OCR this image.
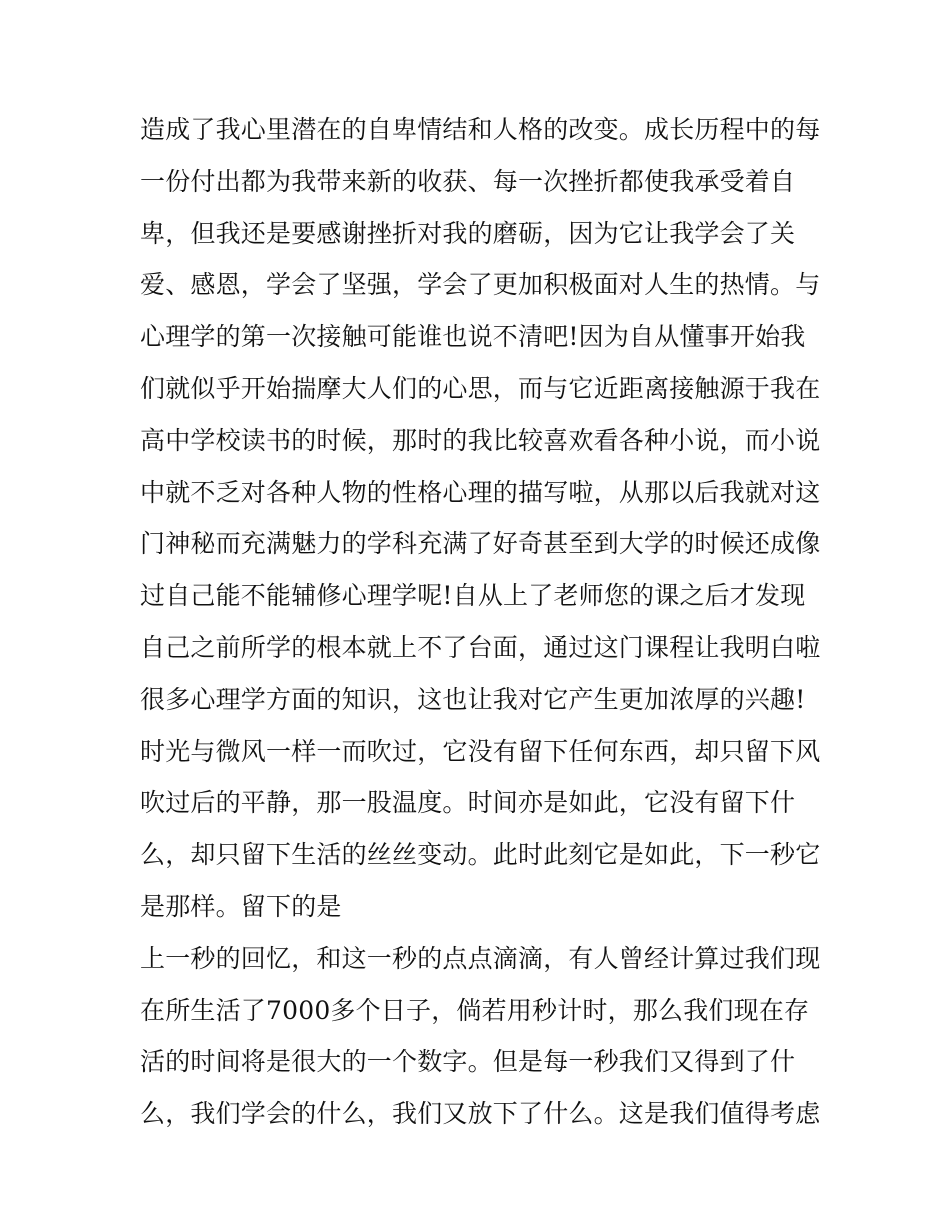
造成了我心里潜在的自卑情结和人格的改变。成长历程中的每
一份付出都为我带来新的收获、每一次挫折都使我承受着自
卑，但我还是要感谢挫折对我的磨砺，因为它让我学会了关
爱、感恩，学会了坚强，学会了更加积极面对人生的热情。与
心理学的第一次接触可能谁也说不清吧!因为自从懂事开始我
们就似乎开始揣摩大人们的心思，而与它近距离接触源于我在
高中学校读书的时候，那时的我比较喜欢看各种小说，而小说
中就不乏对各种人物的性格心理的描写啦，从那以后我就对这
门神秘而充满魅力的学科充满了好奇甚至到大学的时候还成像
过自己能不能辅修心理学呢!自从上了老师您的课之后才发现
自己之前所学的根本就上不了台面，通过这门课程让我明白啦
很多心理学方面的知识，这也让我对它产生更加浓厚的兴趣!
时光与微风一样一而吹过，它没有留下任何东西，却只留下风
吹过后的平静，那一股温度。时间亦是如此，它没有留下什
么，却只留下生活的丝丝变动。此时此刻它是如此，下一秒它
是那样。留下的是
上一秒的回忆，和这一秒的点点滴滴，有人曾经计算过我们现
在所生活了7000多个日子，倘若用秒计时，那么我们现在存
活的时间将是很大的一个数字。但是每一秒我们又得到了什
么，我们学会的什么，我们又放下了什么。这是我们值得考虑
